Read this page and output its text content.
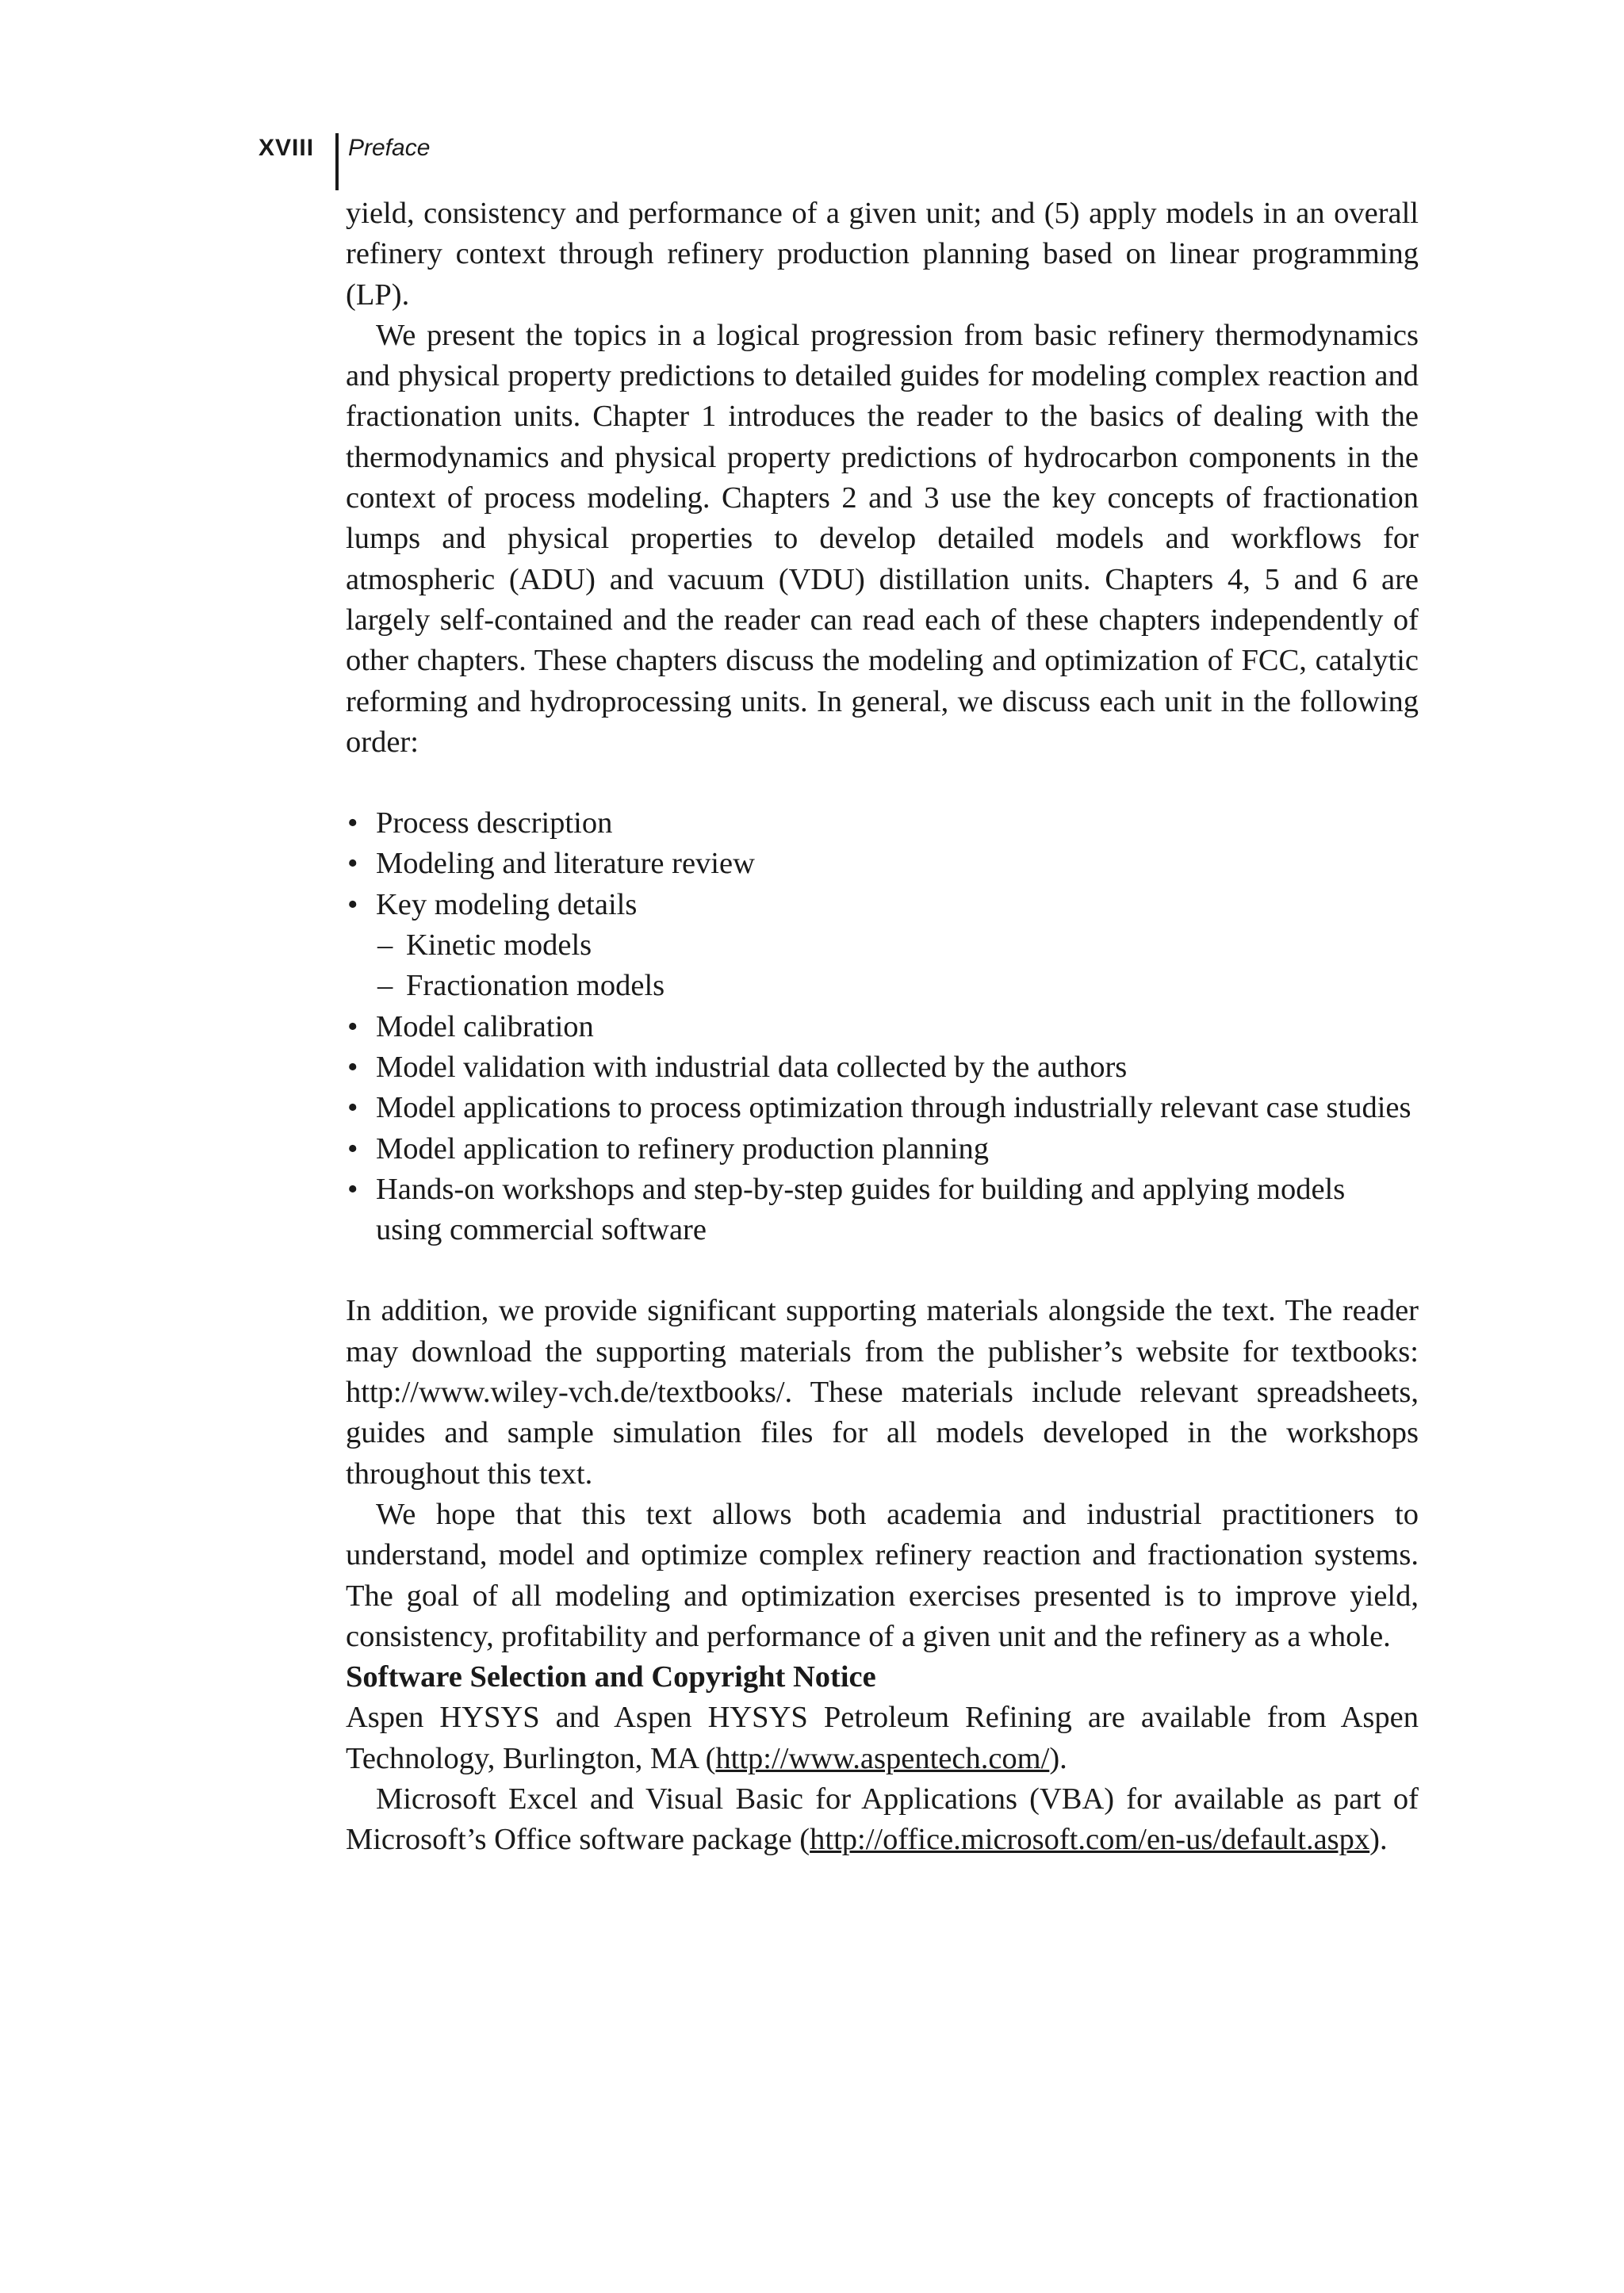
XVIII Preface

yield, consistency and performance of a given unit; and (5) apply models in an overall refinery context through refinery production planning based on linear programming (LP).

We present the topics in a logical progression from basic refinery thermodynamics and physical property predictions to detailed guides for modeling complex reaction and fractionation units. Chapter 1 introduces the reader to the basics of dealing with the thermodynamics and physical property predictions of hydrocarbon components in the context of process modeling. Chapters 2 and 3 use the key concepts of fractionation lumps and physical properties to develop detailed models and workflows for atmospheric (ADU) and vacuum (VDU) distillation units. Chapters 4, 5 and 6 are largely self-contained and the reader can read each of these chapters independently of other chapters. These chapters discuss the modeling and optimization of FCC, catalytic reforming and hydroprocessing units. In general, we discuss each unit in the following order:

• Process description
• Modeling and literature review
• Key modeling details
– Kinetic models
– Fractionation models
• Model calibration
• Model validation with industrial data collected by the authors
• Model applications to process optimization through industrially relevant case studies
• Model application to refinery production planning
• Hands-on workshops and step-by-step guides for building and applying models using commercial software

In addition, we provide significant supporting materials alongside the text. The reader may download the supporting materials from the publisher’s website for textbooks: http://www.wiley-vch.de/textbooks/. These materials include relevant spreadsheets, guides and sample simulation files for all models developed in the workshops throughout this text.

We hope that this text allows both academia and industrial practitioners to understand, model and optimize complex refinery reaction and fractionation systems. The goal of all modeling and optimization exercises presented is to improve yield, consistency, profitability and performance of a given unit and the refinery as a whole.

Software Selection and Copyright Notice

Aspen HYSYS and Aspen HYSYS Petroleum Refining are available from Aspen Technology, Burlington, MA (http://www.aspentech.com/).

Microsoft Excel and Visual Basic for Applications (VBA) for available as part of Microsoft’s Office software package (http://office.microsoft.com/en-us/default.aspx).
